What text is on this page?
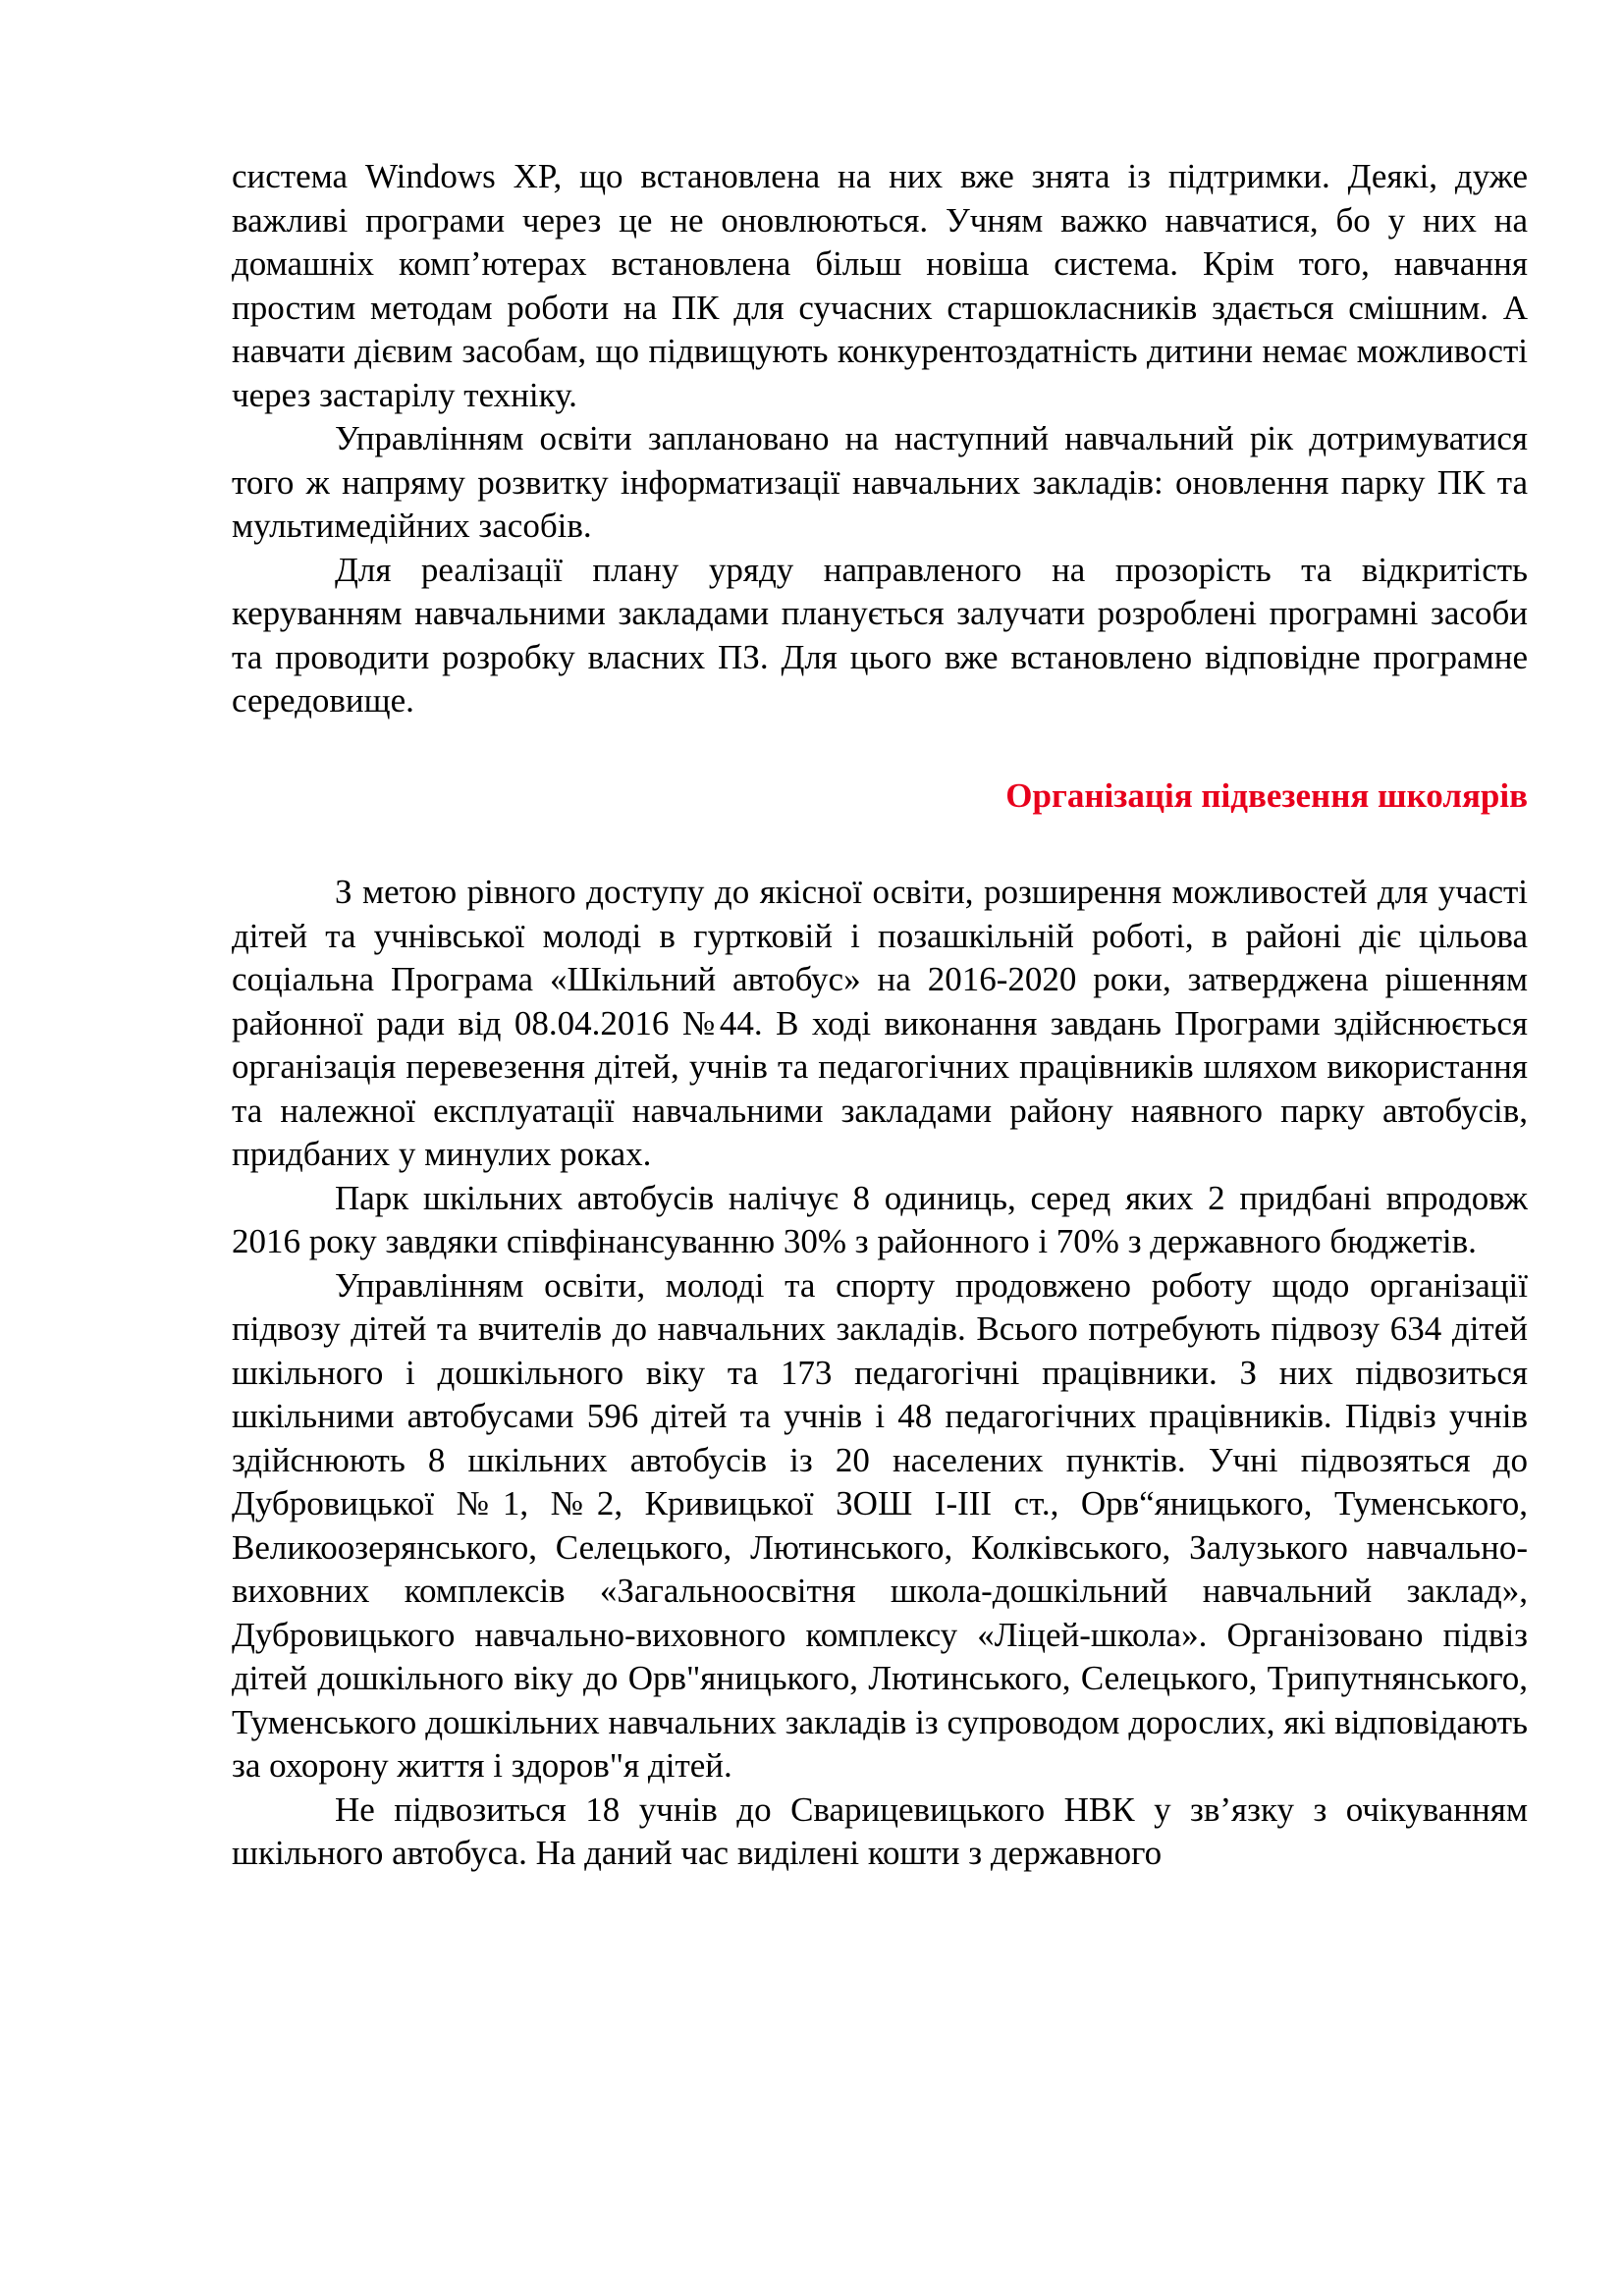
система Windows XP, що встановлена на них вже знята із підтримки. Деякі, дуже важливі програми через це не оновлюються. Учням важко навчатися, бо у них на домашніх комп’ютерах встановлена більш новіша система. Крім того, навчання простим методам роботи на ПК для сучасних старшокласників здається смішним. А навчати дієвим засобам, що підвищують конкурентоздатність дитини немає можливості через застарілу техніку.

Управлінням освіти заплановано на наступний навчальний рік дотримуватися того ж напряму розвитку інформатизації навчальних закладів: оновлення парку ПК та мультимедійних засобів.

Для реалізації плану уряду направленого на прозорість та відкритість керуванням навчальними закладами планується залучати розроблені програмні засоби та проводити розробку власних ПЗ. Для цього вже встановлено відповідне програмне середовище.

Організація підвезення школярів

З метою рівного доступу до якісної освіти, розширення можливостей для участі дітей та учнівської молоді в гуртковій і позашкільній роботі, в районі діє цільова соціальна Програма «Шкільний автобус» на 2016-2020 роки, затверджена рішенням районної ради від 08.04.2016 №44. В ході виконання завдань Програми здійснюється організація перевезення дітей, учнів та педагогічних працівників шляхом використання та належної експлуатації навчальними закладами району наявного парку автобусів, придбаних у минулих роках.

Парк шкільних автобусів налічує 8 одиниць, серед яких 2 придбані впродовж 2016 року завдяки співфінансуванню 30% з районного і 70% з державного бюджетів.

Управлінням освіти, молоді та спорту продовжено роботу щодо організації підвозу дітей та вчителів до навчальних закладів. Всього потребують підвозу 634 дітей шкільного і дошкільного віку та 173 педагогічні працівники. З них підвозиться шкільними автобусами 596 дітей та учнів і 48 педагогічних працівників. Підвіз учнів здійснюють 8 шкільних автобусів із 20 населених пунктів. Учні підвозяться до Дубровицької №1, №2, Кривицької ЗОШ І-ІІІ ст., Орв“яницького, Туменського, Великоозерянського, Селецького, Лютинського, Колківського, Залузького навчально- виховних комплексів «Загальноосвітня школа-дошкільний навчальний заклад», Дубровицького навчально-виховного комплексу «Ліцей-школа». Організовано підвіз дітей дошкільного віку до Орв"яницького, Лютинського, Селецького, Трипутнянського, Туменського дошкільних навчальних закладів із супроводом дорослих, які відповідають за охорону життя і здоров"я дітей.

Не підвозиться 18 учнів до Сварицевицького НВК у зв’язку з очікуванням шкільного автобуса. На даний час виділені кошти з державного
